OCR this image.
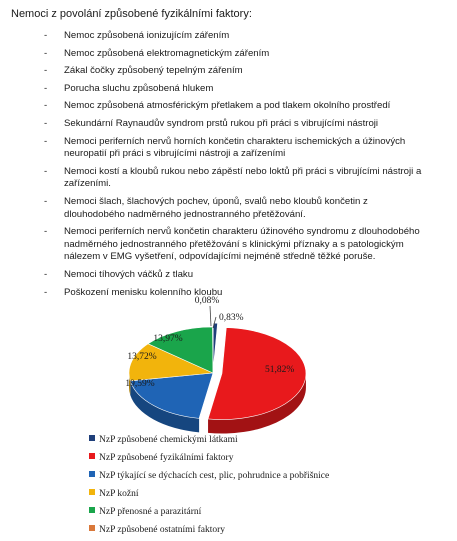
Nemoci z povolání způsobené fyzikálními faktory:
- Nemoc způsobená ionizujícím zářením
- Nemoc způsobená elektromagnetickým zářením
- Zákal čočky způsobený tepelným zářením
- Porucha sluchu způsobená hlukem
- Nemoc způsobená atmosférickým přetlakem a pod tlakem okolního prostředí
- Sekundární Raynaudův syndrom prstů rukou při práci s vibrujícími nástroji
- Nemoci periferních nervů horních končetin charakteru ischemických a úžinových neuropatií při práci s vibrujícími nástroji a zařízeními
- Nemoci kostí a kloubů rukou nebo zápěstí nebo loktů při práci s vibrujícími nástroji a zařízeními.
- Nemoci šlach, šlachových pochev, úponů, svalů nebo kloubů končetin z dlouhodobého nadměrného jednostranného přetěžování.
- Nemoci periferních nervů končetin charakteru úžinového syndromu z dlouhodobého nadměrného jednostranného přetěžování s klinickými příznaky a s patologickým nálezem v EMG vyšetření, odpovídajícími nejméně středně těžké poruše.
- Nemoci tíhových váčků z tlaku
- Poškození menisku kolenního kloubu
0,83%
51,82%
19,59%
13,72%
13,97%
0,08%
NzP způsobené chemickými látkami
NzP způsobené fyzikálními faktory
NzP týkající se dýchacích cest, plic, pohrudnice a pobřišnice
NzP kožní
NzP přenosné a parazitární
NzP způsobené ostatními faktory
